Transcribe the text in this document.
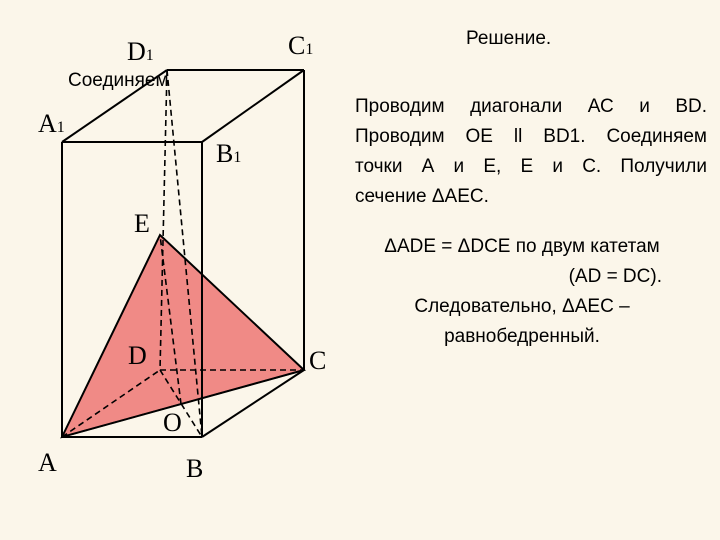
D1	C1
Соединяем
A1
B1
E
D	C
O
A	B
Решение.
Проводим диагонали АС и BD.
Проводим ОЕ ll BD1. Соединяем
точки А и Е, Е и С. Получили
сечение ΔАЕС.
ΔADE = ΔDCE по двум катетам
(AD = DC).
Следовательно, ΔАЕС –
равнобедренный.
